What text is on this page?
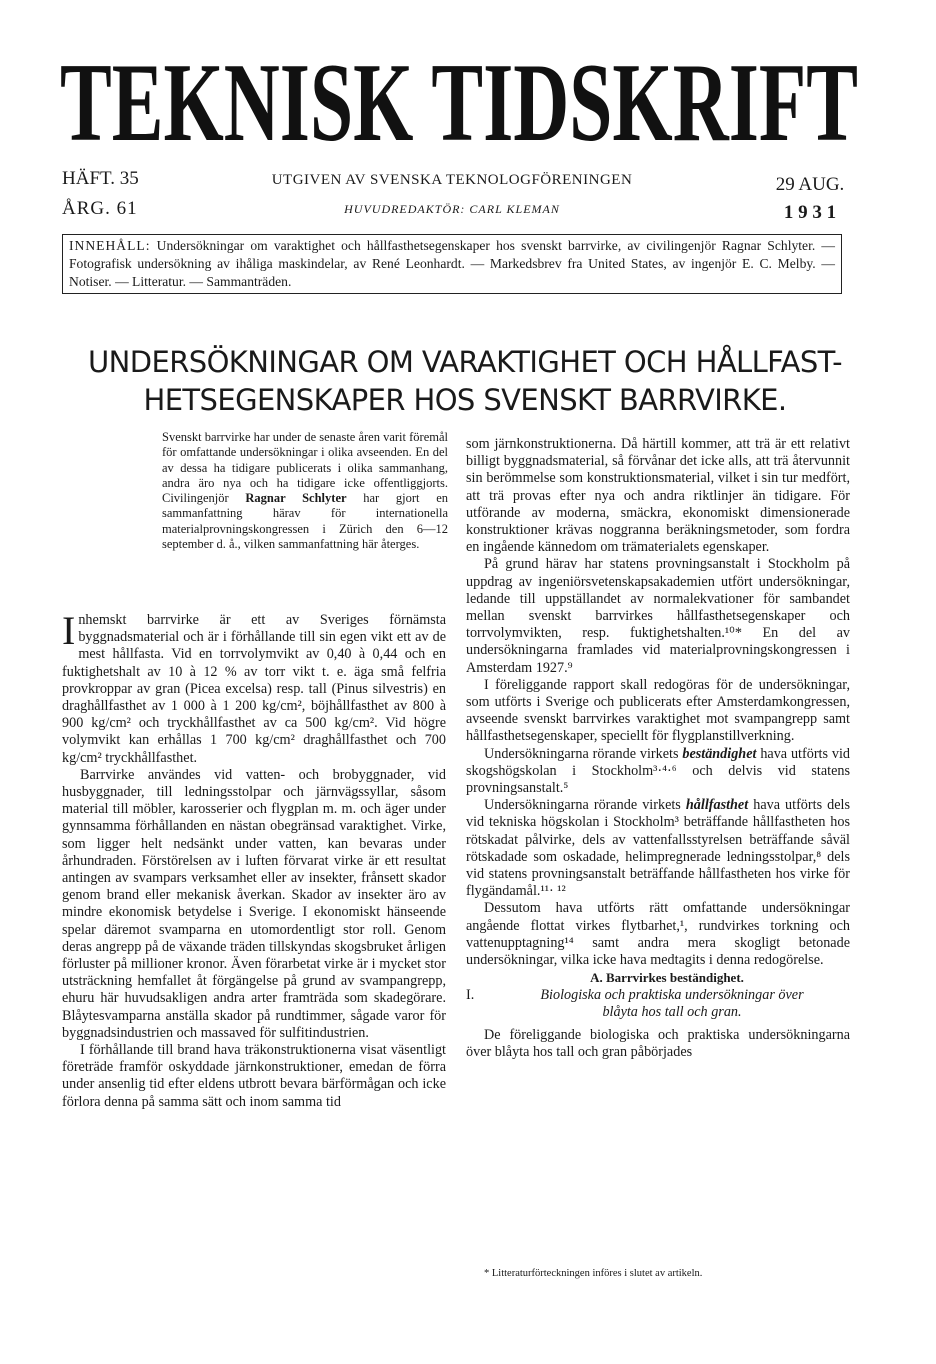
TEKNISK TIDSKRIFT
HÄFT. 35
ÅRG. 61
UTGIVEN AV SVENSKA TEKNOLOGFÖRENINGEN
HUVUDREDAKTÖR: CARL KLEMAN
29 AUG.
1 9 3 1
INNEHÅLL: Undersökningar om varaktighet och hållfasthetsegenskaper hos svenskt barrvirke, av civilingenjör Ragnar Schlyter. — Fotografisk undersökning av ihåliga maskindelar, av René Leonhardt. — Markedsbrev fra United States, av ingenjör E. C. Melby. — Notiser. — Litteratur. — Sammanträden.
UNDERSÖKNINGAR OM VARAKTIGHET OCH HÅLLFAST-
HETSEGENSKAPER HOS SVENSKT BARRVIRKE.
Svenskt barrvirke har under de senaste åren varit föremål för omfattande undersökningar i olika avseenden. En del av dessa ha tidigare publicerats i olika sammanhang, andra äro nya och ha tidigare icke offentliggjorts. Civilingenjör Ragnar Schlyter har gjort en sammanfattning härav för internationella materialprovningskongressen i Zürich den 6—12 september d. å., vilken sammanfattning här återges.

Inhemskt barrvirke är ett av Sveriges förnämsta byggnadsmaterial och är i förhållande till sin egen vikt ett av de mest hållfasta. Vid en torrvolymvikt av 0,40 à 0,44 och en fuktighetshalt av 10 à 12 % av torr vikt t. e. äga små felfria provkroppar av gran (Picea excelsa) resp. tall (Pinus silvestris) en draghållfasthet av 1 000 à 1 200 kg/cm², böjhållfasthet av 800 à 900 kg/cm² och tryckhållfasthet av ca 500 kg/cm². Vid högre volymvikt kan erhållas 1 700 kg/cm² draghållfasthet och 700 kg/cm² tryckhållfasthet.

Barrvirke användes vid vatten- och brobyggnader, vid husbyggnader, till ledningsstolpar och järnvägssyllar, såsom material till möbler, karosserier och flygplan m. m. och äger under gynnsamma förhållanden en nästan obegränsad varaktighet. Virke, som ligger helt nedsänkt under vatten, kan bevaras under århundraden. Förstörelsen av i luften förvarat virke är ett resultat antingen av svampars verksamhet eller av insekter, frånsett skador genom brand eller mekanisk åverkan. Skador av insekter äro av mindre ekonomisk betydelse i Sverige. I ekonomiskt hänseende spelar däremot svamparna en utomordentligt stor roll. Genom deras angrepp på de växande träden tillskyndas skogsbruket årligen förluster på millioner kronor. Även förarbetat virke är i mycket stor utsträckning hemfallet åt förgängelse på grund av svampangrepp, ehuru här huvudsakligen andra arter framträda som skadegörare. Blåytesvamparna anställa skador på rundtimmer, sågade varor för byggnadsindustrien och massaved för sulfitindustrien.

I förhållande till brand hava träkonstruktionerna visat väsentligt företräde framför oskyddade järnkonstruktioner, emedan de förra under ansenlig tid efter eldens utbrott bevara bärförmågan och icke förlora denna på samma sätt och inom samma tid

som järnkonstruktionerna. Då härtill kommer, att trä är ett relativt billigt byggnadsmaterial, så förvånar det icke alls, att trä återvunnit sin berömmelse som konstruktionsmaterial, vilket i sin tur medfört, att trä provas efter nya och andra riktlinjer än tidigare. För utförande av moderna, smäckra, ekonomiskt dimensionerade konstruktioner krävas noggranna beräkningsmetoder, som fordra en ingående kännedom om trämaterialets egenskaper.

På grund härav har statens provningsanstalt i Stockholm på uppdrag av ingeniörsvetenskapsakademien utfört undersökningar, ledande till uppställandet av normalekvationer för sambandet mellan svenskt barrvirkes hållfasthetsegenskaper och torrvolymvikten, resp. fuktighetshalten.¹⁰* En del av undersökningarna framlades vid materialprovningskongressen i Amsterdam 1927.⁹

I föreliggande rapport skall redogöras för de undersökningar, som utförts i Sverige och publicerats efter Amsterdamkongressen, avseende svenskt barrvirkes varaktighet mot svampangrepp samt hållfasthetsegenskaper, speciellt för flygplanstillverkning.

Undersökningarna rörande virkets beständighet hava utförts vid skogshögskolan i Stockholm³·⁴·⁶ och delvis vid statens provningsanstalt.⁵

Undersökningarna rörande virkets hållfasthet hava utförts dels vid tekniska högskolan i Stockholm³ beträffande hållfastheten hos rötskadat pålvirke, dels av vattenfallsstyrelsen beträffande såväl rötskadade som oskadade, helimpregnerade ledningsstolpar,⁸ dels vid statens provningsanstalt beträffande hållfastheten hos virke för flygändamål.¹¹· ¹²

Dessutom hava utförts rätt omfattande undersökningar angående flottat virkes flytbarhet,¹, rundvirkes torkning och vattenupptagning¹⁴ samt andra mera skogligt betonade undersökningar, vilka icke hava medtagits i denna redogörelse.

A. Barrvirkes beständighet.

I.	Biologiska och praktiska undersökningar över
blåyta hos tall och gran.

De föreliggande biologiska och praktiska undersökningarna över blåyta hos tall och gran påbörjades

* Litteraturförteckningen införes i slutet av artikeln.
